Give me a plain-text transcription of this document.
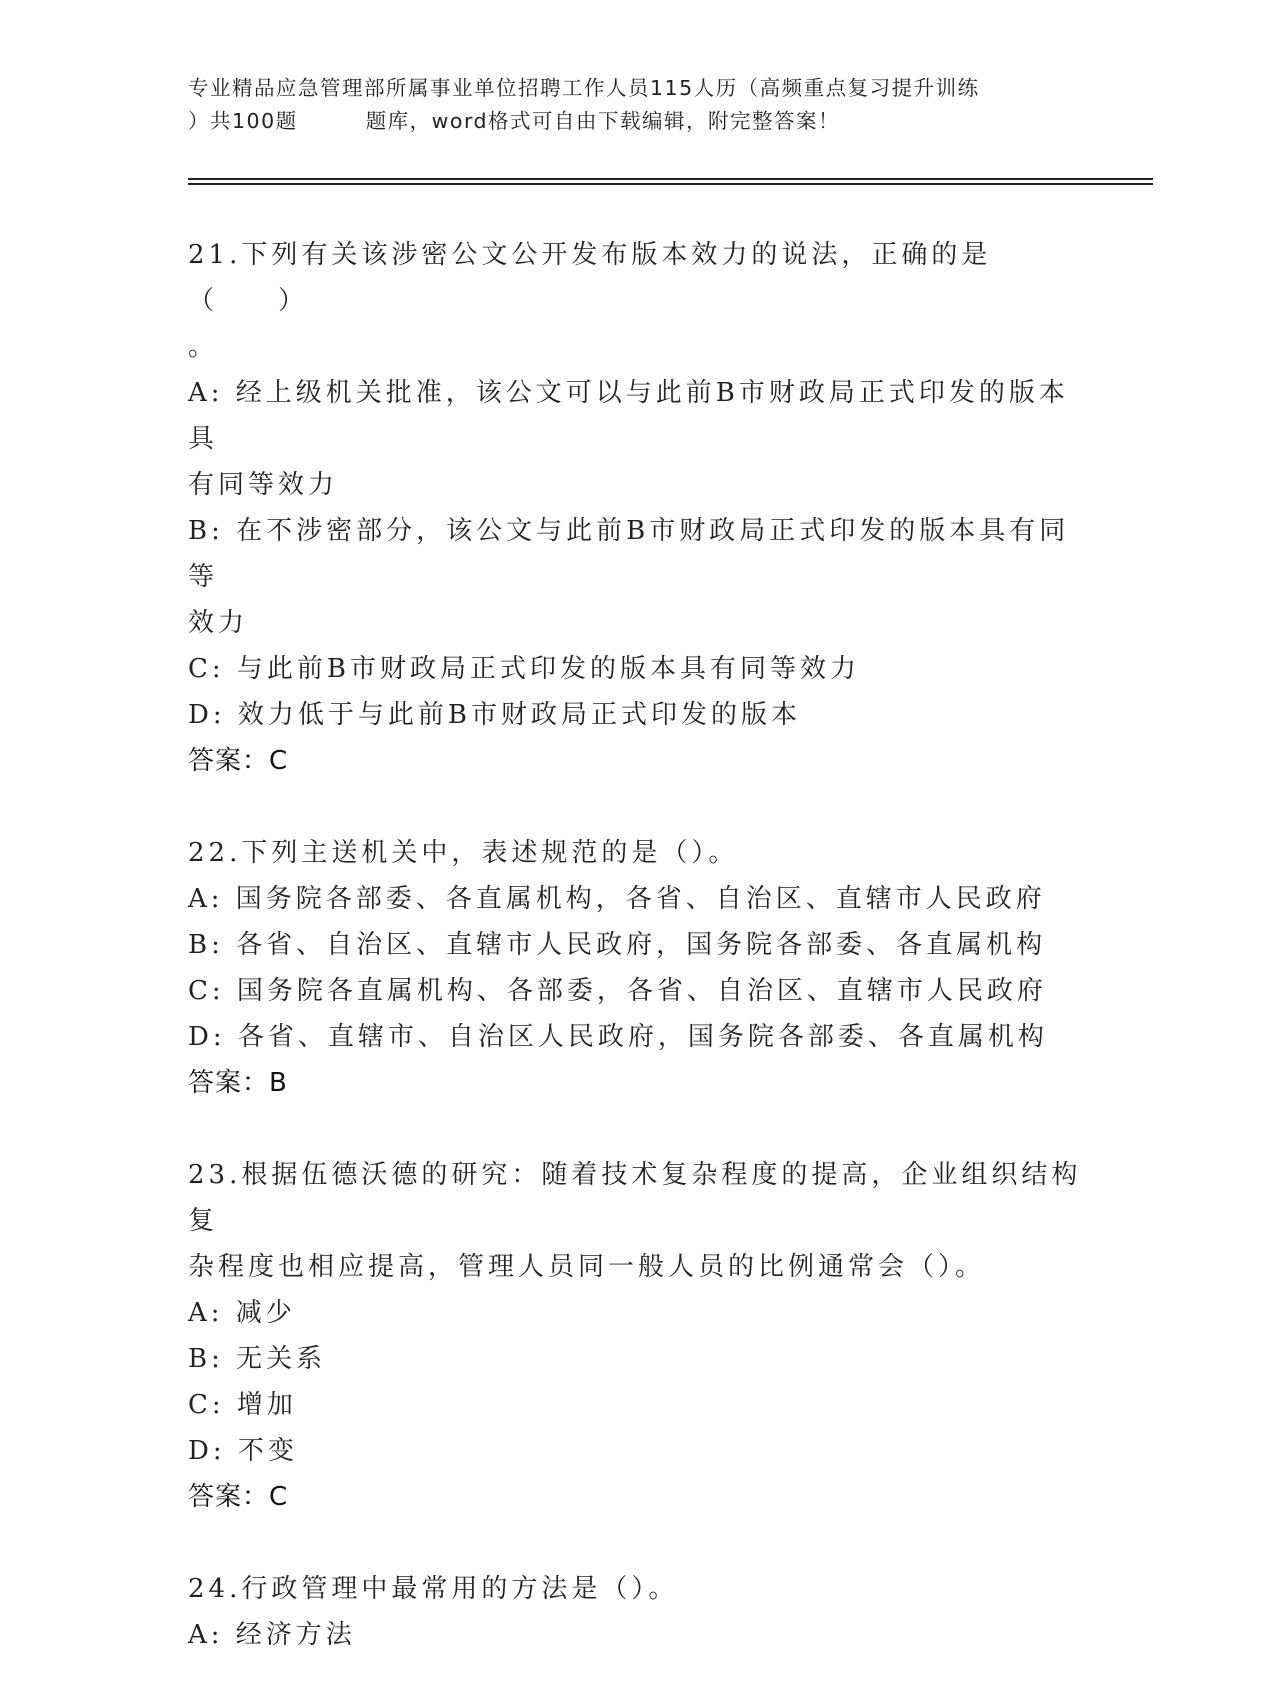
专业精品应急管理部所属事业单位招聘工作人员115人历（高频重点复习提升训练
）共100题	题库，word格式可自由下载编辑，附完整答案！
21.下列有关该涉密公文公开发布版本效力的说法，正确的是（　　）
。
A: 经上级机关批准，该公文可以与此前B市财政局正式印发的版本具
有同等效力
B: 在不涉密部分，该公文与此前B市财政局正式印发的版本具有同等
效力
C: 与此前B市财政局正式印发的版本具有同等效力
D: 效力低于与此前B市财政局正式印发的版本
答案：C
22.下列主送机关中，表述规范的是（）。
A: 国务院各部委、各直属机构，各省、自治区、直辖市人民政府
B: 各省、自治区、直辖市人民政府，国务院各部委、各直属机构
C: 国务院各直属机构、各部委，各省、自治区、直辖市人民政府
D: 各省、直辖市、自治区人民政府，国务院各部委、各直属机构
答案：B
23.根据伍德沃德的研究：随着技术复杂程度的提高，企业组织结构复
杂程度也相应提高，管理人员同一般人员的比例通常会（）。
A: 减少
B: 无关系
C: 增加
D: 不变
答案：C
24.行政管理中最常用的方法是（）。
A: 经济方法
